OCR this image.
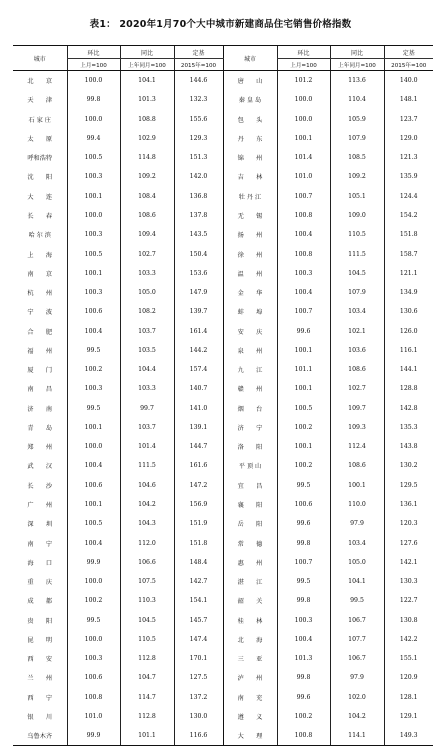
表1： 2020年1月70个大中城市新建商品住宅销售价格指数
城市	环比	同比	定基	城市	环比	同比	定基
	上月=100	上年同月=100	2015年=100		上月=100	上年同月=100	2015年=100
北　　京	100.0	104.1	144.6	唐　　山	101.2	113.6	140.0
天　　津	99.8	101.3	132.3	秦 皇 岛	100.0	110.4	148.1
石 家 庄	100.0	108.8	155.6	包　　头	100.0	105.9	123.7
太　　原	99.4	102.9	129.3	丹　　东	100.1	107.9	129.0
呼和浩特	100.5	114.8	151.3	锦　　州	101.4	108.5	121.3
沈　　阳	100.3	109.2	142.0	吉　　林	101.0	109.2	135.9
大　　连	100.1	108.4	136.8	牡 丹 江	100.7	105.1	124.4
长　　春	100.0	108.6	137.8	无　　锡	100.8	109.0	154.2
哈 尔 滨	100.3	109.4	143.5	扬　　州	100.4	110.5	151.8
上　　海	100.5	102.7	150.4	徐　　州	100.8	111.5	158.7
南　　京	100.1	103.3	153.6	温　　州	100.3	104.5	121.1
杭　　州	100.3	105.0	147.9	金　　华	100.4	107.9	134.9
宁　　波	100.6	108.2	139.7	蚌　　埠	100.7	103.4	130.6
合　　肥	100.4	103.7	161.4	安　　庆	99.6	102.1	126.0
福　　州	99.5	103.5	144.2	泉　　州	100.1	103.6	116.1
厦　　门	100.2	104.4	157.4	九　　江	101.1	108.6	144.1
南　　昌	100.3	103.3	140.7	赣　　州	100.1	102.7	128.8
济　　南	99.5	99.7	141.0	烟　　台	100.5	109.7	142.8
青　　岛	100.1	103.7	139.1	济　　宁	100.2	109.3	135.3
郑　　州	100.0	101.4	144.7	洛　　阳	100.1	112.4	143.8
武　　汉	100.4	111.5	161.6	平 顶 山	100.2	108.6	130.2
长　　沙	100.6	104.6	147.2	宜　　昌	99.5	100.1	129.5
广　　州	100.1	104.2	156.9	襄　　阳	100.6	110.0	136.1
深　　圳	100.5	104.3	151.9	岳　　阳	99.6	97.9	120.3
南　　宁	100.4	112.0	151.8	常　　德	99.8	103.4	127.6
海　　口	99.9	106.6	148.4	惠　　州	100.7	105.0	142.1
重　　庆	100.0	107.5	142.7	湛　　江	99.5	104.1	130.3
成　　都	100.2	110.3	154.1	韶　　关	99.8	99.5	122.7
贵　　阳	99.5	104.5	145.7	桂　　林	100.3	106.7	130.8
昆　　明	100.0	110.5	147.4	北　　海	100.4	107.7	142.2
西　　安	100.3	112.8	170.1	三　　亚	101.3	106.7	155.1
兰　　州	100.6	104.7	127.5	泸　　州	99.8	97.9	120.9
西　　宁	100.8	114.7	137.2	南　　充	99.6	102.0	128.1
银　　川	101.0	112.8	130.0	遵　　义	100.2	104.2	129.1
乌鲁木齐	99.9	101.1	116.6	大　　理	100.8	114.1	149.3
